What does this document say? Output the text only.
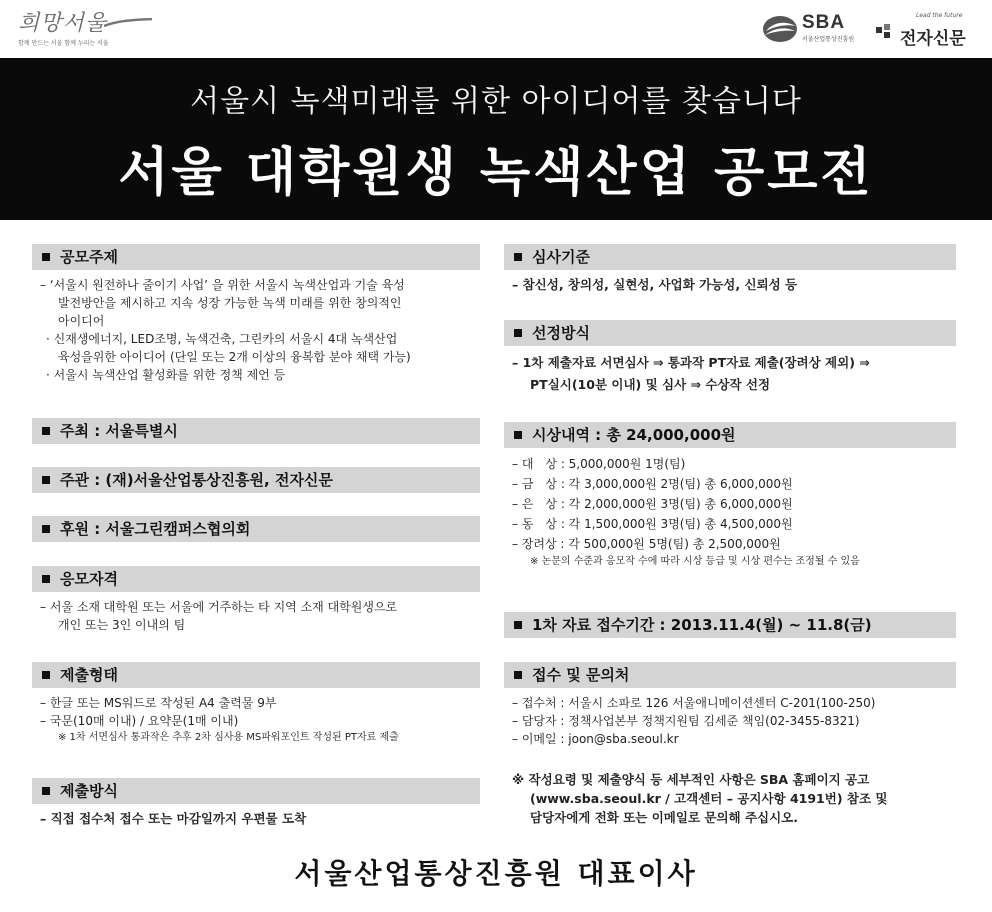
희망서울
함께 만드는 서울 함께 누리는 서울
SBA
서울산업통상진흥원
Lead the future
전자신문
서울시 녹색미래를 위한 아이디어를 찾습니다
서울 대학원생 녹색산업 공모전
공모주제
– ‘서울시 원전하나 줄이기 사업’ 을 위한 서울시 녹색산업과 기술 육성
발전방안을 제시하고 지속 성장 가능한 녹색 미래를 위한 창의적인
아이디어
· 신재생에너지, LED조명, 녹색건축, 그린카의 서울시 4대 녹색산업
육성을위한 아이디어 (단일 또는 2개 이상의 융복합 분야 채택 가능)
· 서울시 녹색산업 활성화를 위한 정책 제언 등
주최 : 서울특별시
주관 : (재)서울산업통상진흥원, 전자신문
후원 : 서울그린캠퍼스협의회
응모자격
– 서울 소재 대학원 또는 서울에 거주하는 타 지역 소재 대학원생으로
개인 또는 3인 이내의 팀
제출형태
– 한글 또는 MS워드로 작성된 A4 출력물 9부
– 국문(10매 이내) / 요약문(1매 이내)
※ 1차 서면심사 통과작은 추후 2차 심사용 MS파워포인트 작성된 PT자료 제출
제출방식
– 직접 접수처 접수 또는 마감일까지 우편물 도착
심사기준
– 참신성, 창의성, 실현성, 사업화 가능성, 신뢰성 등
선정방식
– 1차 제출자료 서면심사 ⇒ 통과작 PT자료 제출(장려상 제외) ⇒
PT실시(10분 이내) 및 심사 ⇒ 수상작 선정
시상내역 : 총 24,000,000원
– 대　상 : 5,000,000원 1명(팀)
– 금　상 : 각 3,000,000원 2명(팀) 총 6,000,000원
– 은　상 : 각 2,000,000원 3명(팀) 총 6,000,000원
– 동　상 : 각 1,500,000원 3명(팀) 총 4,500,000원
– 장려상 : 각 500,000원 5명(팀) 총 2,500,000원
※ 논문의 수준과 응모작 수에 따라 시상 등급 및 시상 편수는 조정될 수 있음
1차 자료 접수기간 : 2013.11.4(월) ~ 11.8(금)
접수 및 문의처
– 접수처 : 서울시 소파로 126 서울애니메이션센터 C-201(100-250)
– 담당자 : 정책사업본부 정책지원팀 김세준 책임(02-3455-8321)
– 이메일 : joon@sba.seoul.kr
※ 작성요령 및 제출양식 등 세부적인 사항은 SBA 홈페이지 공고
(www.sba.seoul.kr / 고객센터 – 공지사항 4191번) 참조 및
담당자에게 전화 또는 이메일로 문의해 주십시오.
서울산업통상진흥원 대표이사
